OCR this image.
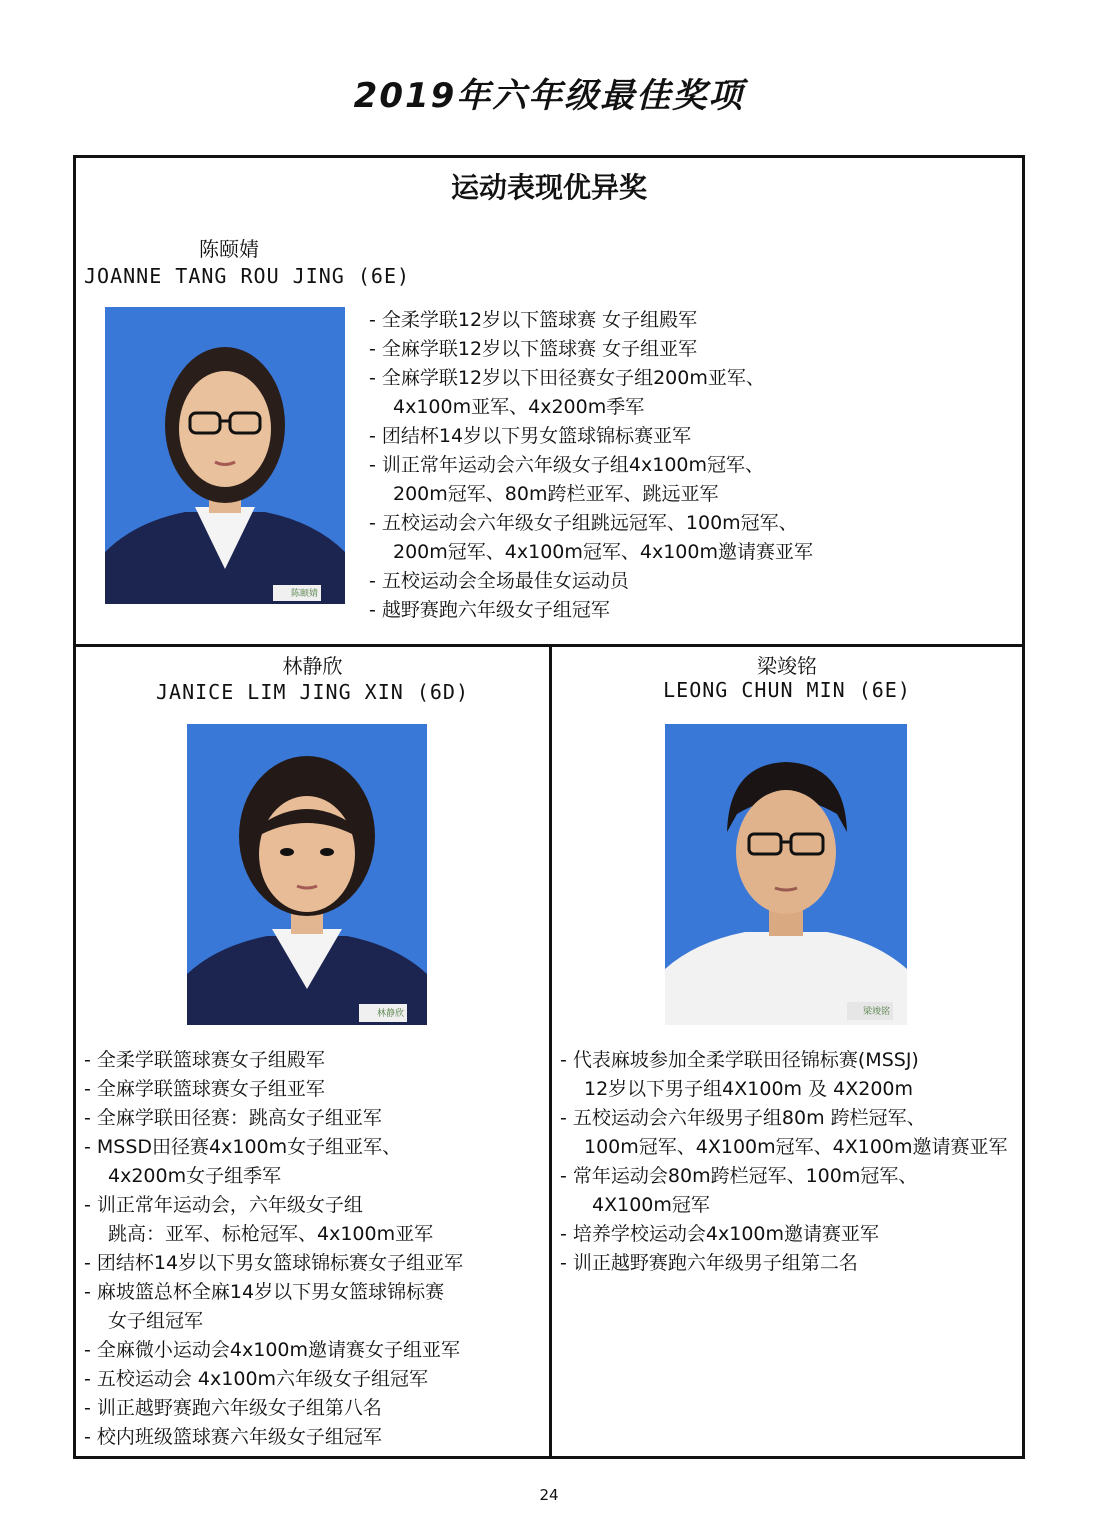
2019年六年级最佳奖项
运动表现优异奖
陈颐婧
JOANNE TANG ROU JING (6E)
陈颐婧
- 全柔学联12岁以下篮球赛 女子组殿军
- 全麻学联12岁以下篮球赛 女子组亚军
- 全麻学联12岁以下田径赛女子组200m亚军、
4x100m亚军、4x200m季军
- 团结杯14岁以下男女篮球锦标赛亚军
- 训正常年运动会六年级女子组4x100m冠军、
200m冠军、80m跨栏亚军、跳远亚军
- 五校运动会六年级女子组跳远冠军、100m冠军、
200m冠军、4x100m冠军、4x100m邀请赛亚军
- 五校运动会全场最佳女运动员
- 越野赛跑六年级女子组冠军
林静欣
JANICE LIM JING XIN (6D)
林静欣
- 全柔学联篮球赛女子组殿军
- 全麻学联篮球赛女子组亚军
- 全麻学联田径赛：跳高女子组亚军
- MSSD田径赛4x100m女子组亚军、
4x200m女子组季军
- 训正常年运动会，六年级女子组
跳高：亚军、标枪冠军、4x100m亚军
- 团结杯14岁以下男女篮球锦标赛女子组亚军
- 麻坡篮总杯全麻14岁以下男女篮球锦标赛
女子组冠军
- 全麻微小运动会4x100m邀请赛女子组亚军
- 五校运动会 4x100m六年级女子组冠军
- 训正越野赛跑六年级女子组第八名
- 校内班级篮球赛六年级女子组冠军
梁竣铭
LEONG CHUN MIN (6E)
梁竣铭
- 代表麻坡参加全柔学联田径锦标赛(MSSJ)
12岁以下男子组4X100m 及 4X200m
- 五校运动会六年级男子组80m 跨栏冠军、
100m冠军、4X100m冠军、4X100m邀请赛亚军
- 常年运动会80m跨栏冠军、100m冠军、
4X100m冠军
- 培养学校运动会4x100m邀请赛亚军
- 训正越野赛跑六年级男子组第二名
24
